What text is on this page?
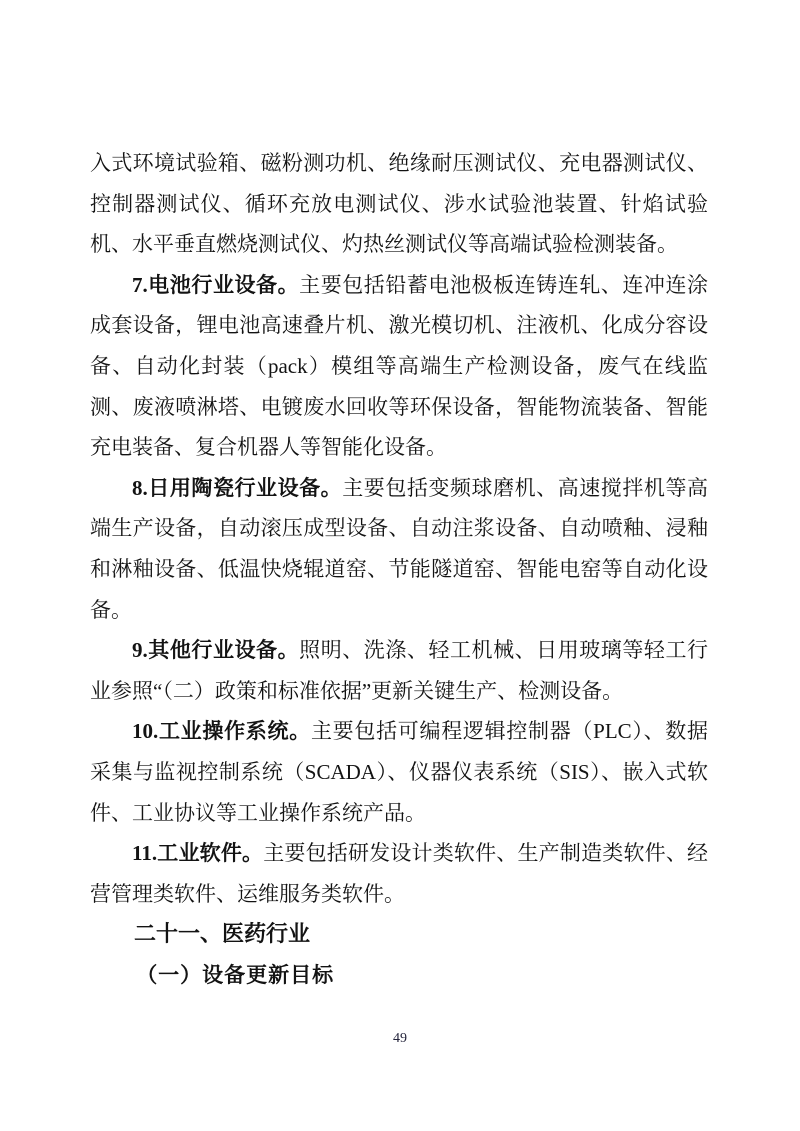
入式环境试验箱、磁粉测功机、绝缘耐压测试仪、充电器测试仪、控制器测试仪、循环充放电测试仪、涉水试验池装置、针焰试验机、水平垂直燃烧测试仪、灼热丝测试仪等高端试验检测装备。

7.电池行业设备。主要包括铅蓄电池极板连铸连轧、连冲连涂成套设备，锂电池高速叠片机、激光模切机、注液机、化成分容设备、自动化封装（pack）模组等高端生产检测设备，废气在线监测、废液喷淋塔、电镀废水回收等环保设备，智能物流装备、智能充电装备、复合机器人等智能化设备。

8.日用陶瓷行业设备。主要包括变频球磨机、高速搅拌机等高端生产设备，自动滚压成型设备、自动注浆设备、自动喷釉、浸釉和淋釉设备、低温快烧辊道窑、节能隧道窑、智能电窑等自动化设备。

9.其他行业设备。照明、洗涤、轻工机械、日用玻璃等轻工行业参照“（二）政策和标准依据”更新关键生产、检测设备。

10.工业操作系统。主要包括可编程逻辑控制器（PLC）、数据采集与监视控制系统（SCADA）、仪器仪表系统（SIS）、嵌入式软件、工业协议等工业操作系统产品。

11.工业软件。主要包括研发设计类软件、生产制造类软件、经营管理类软件、运维服务类软件。

二十一、医药行业
（一）设备更新目标
49
